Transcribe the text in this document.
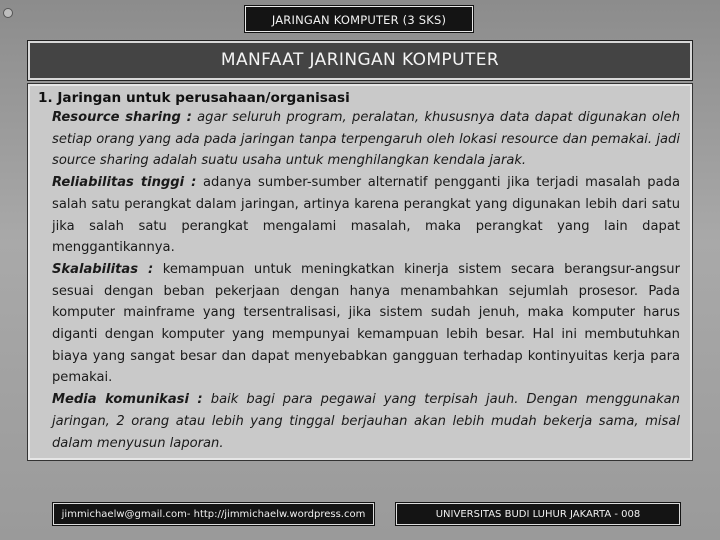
JARINGAN KOMPUTER (3 SKS)
MANFAAT JARINGAN KOMPUTER
1. Jaringan untuk perusahaan/organisasi
Resource sharing : agar seluruh program, peralatan, khususnya data dapat digunakan oleh setiap orang yang ada pada jaringan tanpa terpengaruh oleh lokasi resource dan pemakai. jadi source sharing adalah suatu usaha untuk menghilangkan kendala jarak.
Reliabilitas tinggi : adanya sumber-sumber alternatif pengganti jika terjadi masalah pada salah satu perangkat dalam jaringan, artinya karena perangkat yang digunakan lebih dari satu jika salah satu perangkat mengalami masalah, maka perangkat yang lain dapat menggantikannya.
Skalabilitas : kemampuan untuk meningkatkan kinerja sistem secara berangsur-angsur sesuai dengan beban pekerjaan dengan hanya menambahkan sejumlah prosesor. Pada komputer mainframe yang tersentralisasi, jika sistem sudah jenuh, maka komputer harus diganti dengan komputer yang mempunyai kemampuan lebih besar. Hal ini membutuhkan biaya yang sangat besar dan dapat menyebabkan gangguan terhadap kontinyuitas kerja para pemakai.
Media komunikasi : baik bagi para pegawai yang terpisah jauh. Dengan menggunakan jaringan, 2 orang atau lebih yang tinggal berjauhan akan lebih mudah bekerja sama, misal dalam menyusun laporan.
jimmichaelw@gmail.com- http://jimmichaelw.wordpress.com	UNIVERSITAS BUDI LUHUR JAKARTA - 008
